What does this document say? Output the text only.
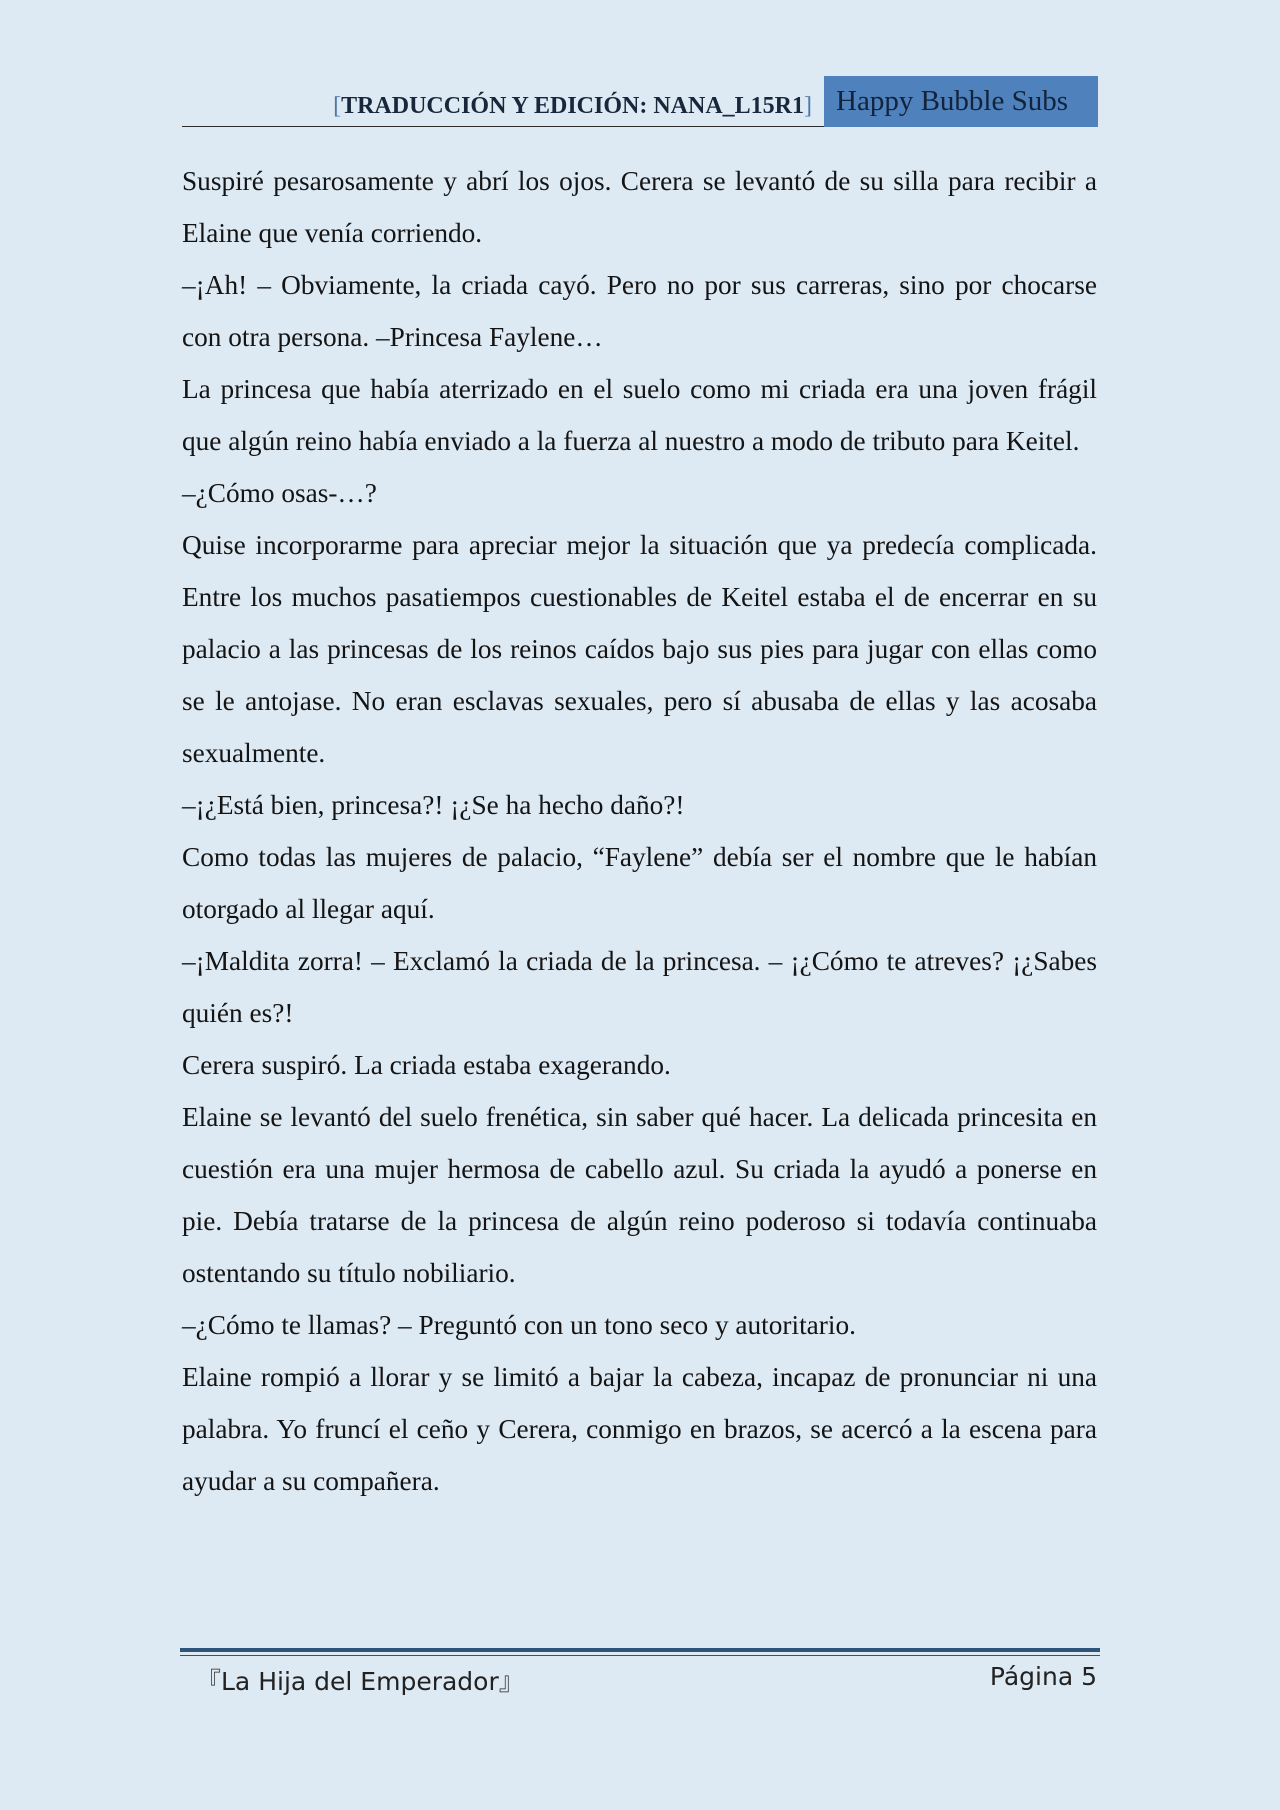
[TRADUCCIÓN Y EDICIÓN: NANA_L15R1] Happy Bubble Subs

Suspiré pesarosamente y abrí los ojos. Cerera se levantó de su silla para recibir a Elaine que venía corriendo.

–¡Ah! – Obviamente, la criada cayó. Pero no por sus carreras, sino por chocarse con otra persona. –Princesa Faylene…

La princesa que había aterrizado en el suelo como mi criada era una joven frágil que algún reino había enviado a la fuerza al nuestro a modo de tributo para Keitel.

–¿Cómo osas-…?

Quise incorporarme para apreciar mejor la situación que ya predecía complicada. Entre los muchos pasatiempos cuestionables de Keitel estaba el de encerrar en su palacio a las princesas de los reinos caídos bajo sus pies para jugar con ellas como se le antojase. No eran esclavas sexuales, pero sí abusaba de ellas y las acosaba sexualmente.

–¡¿Está bien, princesa?! ¡¿Se ha hecho daño?!

Como todas las mujeres de palacio, “Faylene” debía ser el nombre que le habían otorgado al llegar aquí.

–¡Maldita zorra! – Exclamó la criada de la princesa. – ¡¿Cómo te atreves? ¡¿Sabes quién es?!

Cerera suspiró. La criada estaba exagerando.

Elaine se levantó del suelo frenética, sin saber qué hacer. La delicada princesita en cuestión era una mujer hermosa de cabello azul. Su criada la ayudó a ponerse en pie. Debía tratarse de la princesa de algún reino poderoso si todavía continuaba ostentando su título nobiliario.

–¿Cómo te llamas? – Preguntó con un tono seco y autoritario.

Elaine rompió a llorar y se limitó a bajar la cabeza, incapaz de pronunciar ni una palabra. Yo fruncí el ceño y Cerera, conmigo en brazos, se acercó a la escena para ayudar a su compañera.

『La Hija del Emperador』	Página 5
